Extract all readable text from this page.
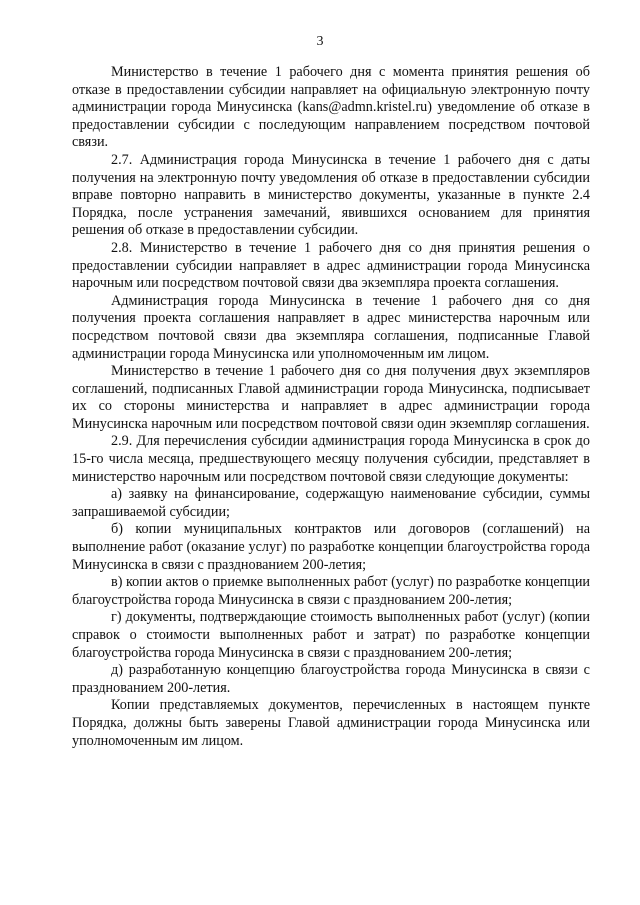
3

Министерство в течение 1 рабочего дня с момента принятия решения об отказе в предоставлении субсидии направляет на официальную электронную почту администрации города Минусинска (kans@admn.kristel.ru) уведомление об отказе в предоставлении субсидии с последующим направлением посредством почтовой связи.

2.7. Администрация города Минусинска в течение 1 рабочего дня с даты получения на электронную почту уведомления об отказе в предоставлении субсидии вправе повторно направить в министерство документы, указанные в пункте 2.4 Порядка, после устранения замечаний, явившихся основанием для принятия решения об отказе в предоставлении субсидии.

2.8. Министерство в течение 1 рабочего дня со дня принятия решения о предоставлении субсидии направляет в адрес администрации города Минусинска нарочным или посредством почтовой связи два экземпляра проекта соглашения.

Администрация города Минусинска в течение 1 рабочего дня со дня получения проекта соглашения направляет в адрес министерства нарочным или посредством почтовой связи два экземпляра соглашения, подписанные Главой администрации города Минусинска или уполномоченным им лицом.

Министерство в течение 1 рабочего дня со дня получения двух экземпляров соглашений, подписанных Главой администрации города Минусинска, подписывает их со стороны министерства и направляет в адрес администрации города Минусинска нарочным или посредством почтовой связи один экземпляр соглашения.

2.9. Для перечисления субсидии администрация города Минусинска в срок до 15-го числа месяца, предшествующего месяцу получения субсидии, представляет в министерство нарочным или посредством почтовой связи следующие документы:

а) заявку на финансирование, содержащую наименование субсидии, суммы запрашиваемой субсидии;

б) копии муниципальных контрактов или договоров (соглашений) на выполнение работ (оказание услуг) по разработке концепции благоустройства города Минусинска в связи с празднованием 200-летия;

в) копии актов о приемке выполненных работ (услуг) по разработке концепции благоустройства города Минусинска в связи с празднованием 200-летия;

г) документы, подтверждающие стоимость выполненных работ (услуг) (копии справок о стоимости выполненных работ и затрат) по разработке концепции благоустройства города Минусинска в связи с празднованием 200-летия;

д) разработанную концепцию благоустройства города Минусинска в связи с празднованием 200-летия.

Копии представляемых документов, перечисленных в настоящем пункте Порядка, должны быть заверены Главой администрации города Минусинска или уполномоченным им лицом.
